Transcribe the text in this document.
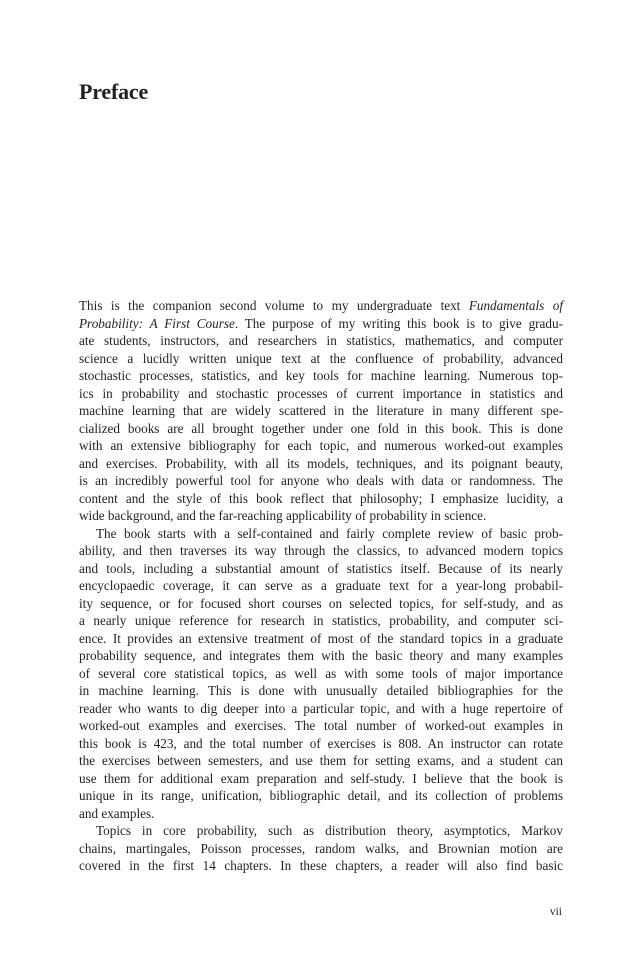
Preface
This is the companion second volume to my undergraduate text Fundamentals of
Probability: A First Course. The purpose of my writing this book is to give gradu-
ate students, instructors, and researchers in statistics, mathematics, and computer
science a lucidly written unique text at the confluence of probability, advanced
stochastic processes, statistics, and key tools for machine learning. Numerous top-
ics in probability and stochastic processes of current importance in statistics and
machine learning that are widely scattered in the literature in many different spe-
cialized books are all brought together under one fold in this book. This is done
with an extensive bibliography for each topic, and numerous worked-out examples
and exercises. Probability, with all its models, techniques, and its poignant beauty,
is an incredibly powerful tool for anyone who deals with data or randomness. The
content and the style of this book reflect that philosophy; I emphasize lucidity, a
wide background, and the far-reaching applicability of probability in science.
The book starts with a self-contained and fairly complete review of basic prob-
ability, and then traverses its way through the classics, to advanced modern topics
and tools, including a substantial amount of statistics itself. Because of its nearly
encyclopaedic coverage, it can serve as a graduate text for a year-long probabil-
ity sequence, or for focused short courses on selected topics, for self-study, and as
a nearly unique reference for research in statistics, probability, and computer sci-
ence. It provides an extensive treatment of most of the standard topics in a graduate
probability sequence, and integrates them with the basic theory and many examples
of several core statistical topics, as well as with some tools of major importance
in machine learning. This is done with unusually detailed bibliographies for the
reader who wants to dig deeper into a particular topic, and with a huge repertoire of
worked-out examples and exercises. The total number of worked-out examples in
this book is 423, and the total number of exercises is 808. An instructor can rotate
the exercises between semesters, and use them for setting exams, and a student can
use them for additional exam preparation and self-study. I believe that the book is
unique in its range, unification, bibliographic detail, and its collection of problems
and examples.
Topics in core probability, such as distribution theory, asymptotics, Markov
chains, martingales, Poisson processes, random walks, and Brownian motion are
covered in the first 14 chapters. In these chapters, a reader will also find basic
vii
